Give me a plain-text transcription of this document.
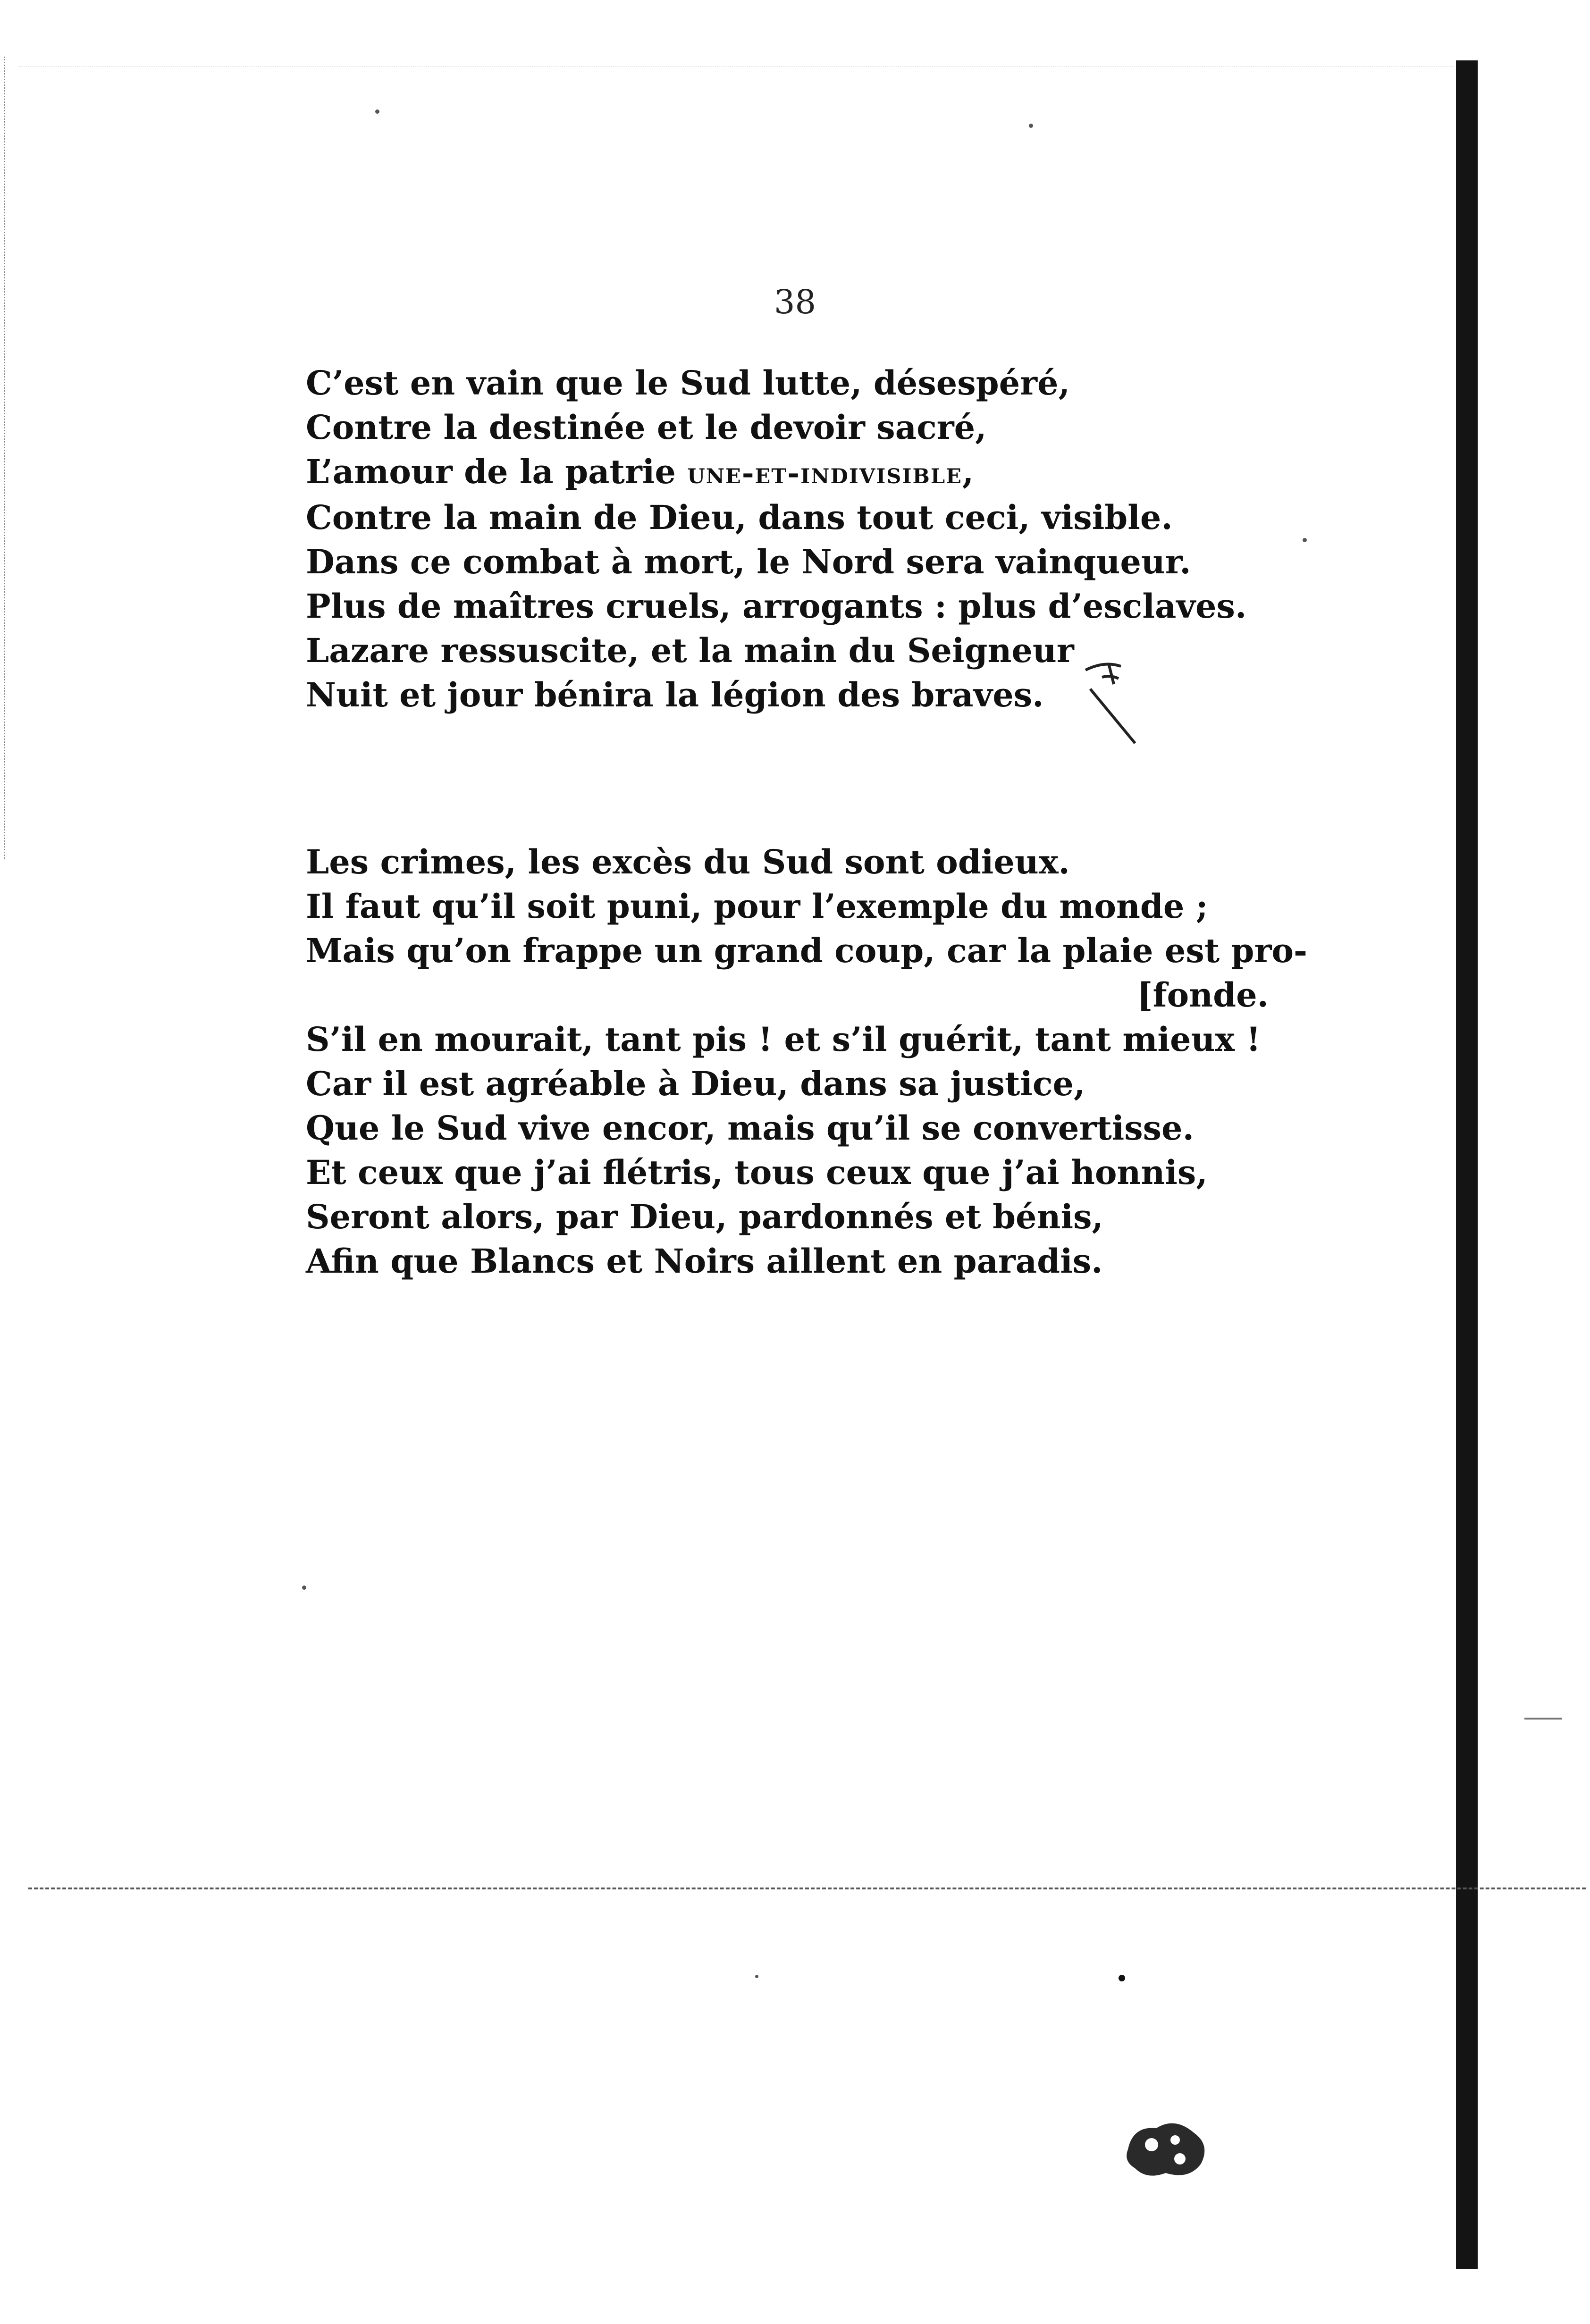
38
C’est en vain que le Sud lutte, désespéré,
Contre la destinée et le devoir sacré,
L’amour de la patrie une-et-indivisible,
Contre la main de Dieu, dans tout ceci, visible.
Dans ce combat à mort, le Nord sera vainqueur.
Plus de maîtres cruels, arrogants : plus d’esclaves.
Lazare ressuscite, et la main du Seigneur
Nuit et jour bénira la légion des braves.
Les crimes, les excès du Sud sont odieux.
Il faut qu’il soit puni, pour l’exemple du monde ;
Mais qu’on frappe un grand coup, car la plaie est pro-
[fonde.
S’il en mourait, tant pis ! et s’il guérit, tant mieux !
Car il est agréable à Dieu, dans sa justice,
Que le Sud vive encor, mais qu’il se convertisse.
Et ceux que j’ai flétris, tous ceux que j’ai honnis,
Seront alors, par Dieu, pardonnés et bénis,
Afin que Blancs et Noirs aillent en paradis.
